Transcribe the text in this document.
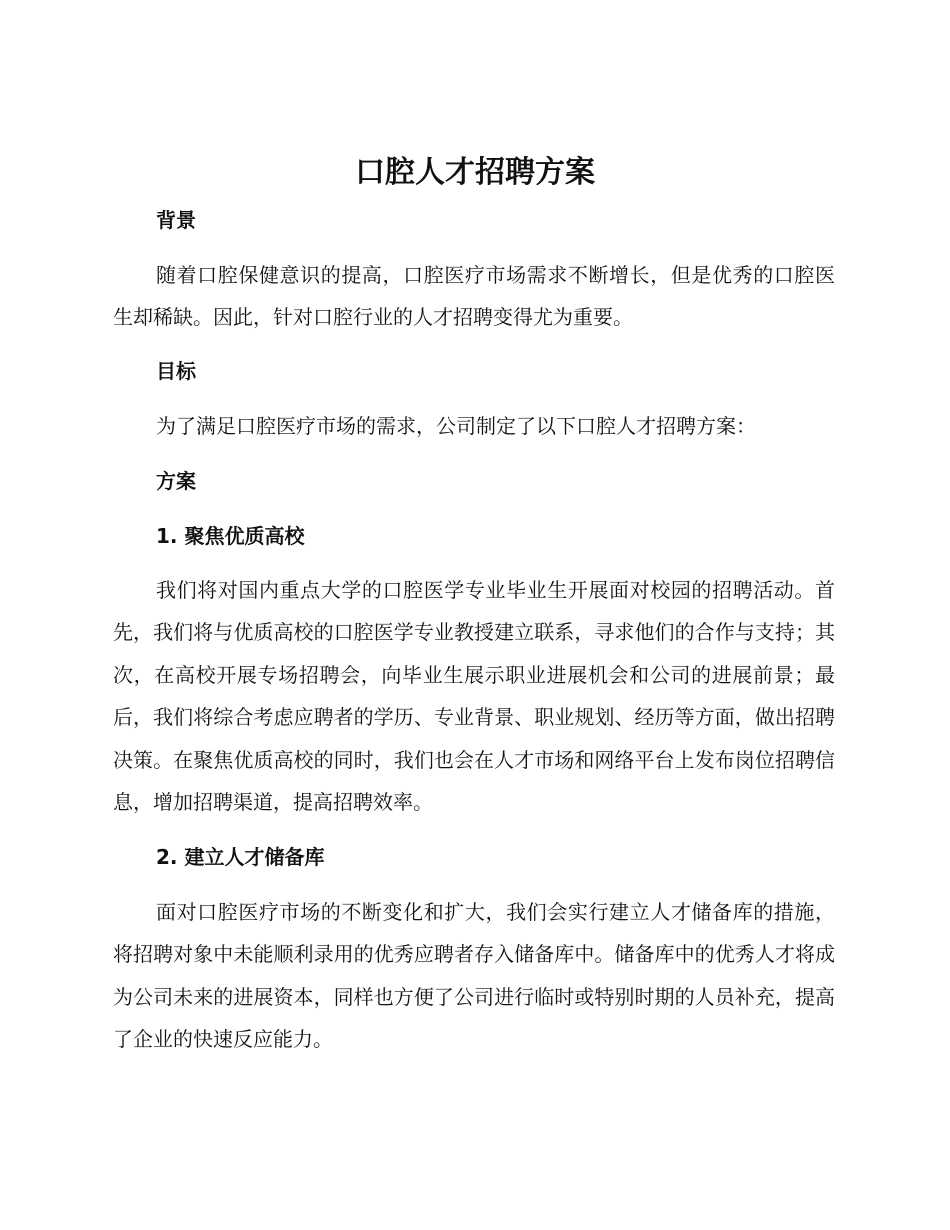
口腔人才招聘方案
背景

随着口腔保健意识的提高，口腔医疗市场需求不断增长，但是优秀的口腔医生却稀缺。因此，针对口腔行业的人才招聘变得尤为重要。

目标

为了满足口腔医疗市场的需求，公司制定了以下口腔人才招聘方案：

方案
1. 聚焦优质高校

我们将对国内重点大学的口腔医学专业毕业生开展面对校园的招聘活动。首先，我们将与优质高校的口腔医学专业教授建立联系，寻求他们的合作与支持；其次，在高校开展专场招聘会，向毕业生展示职业进展机会和公司的进展前景；最后，我们将综合考虑应聘者的学历、专业背景、职业规划、经历等方面，做出招聘决策。在聚焦优质高校的同时，我们也会在人才市场和网络平台上发布岗位招聘信息，增加招聘渠道，提高招聘效率。

2. 建立人才储备库

面对口腔医疗市场的不断变化和扩大，我们会实行建立人才储备库的措施，将招聘对象中未能顺利录用的优秀应聘者存入储备库中。储备库中的优秀人才将成为公司未来的进展资本，同样也方便了公司进行临时或特别时期的人员补充，提高了企业的快速反应能力。
